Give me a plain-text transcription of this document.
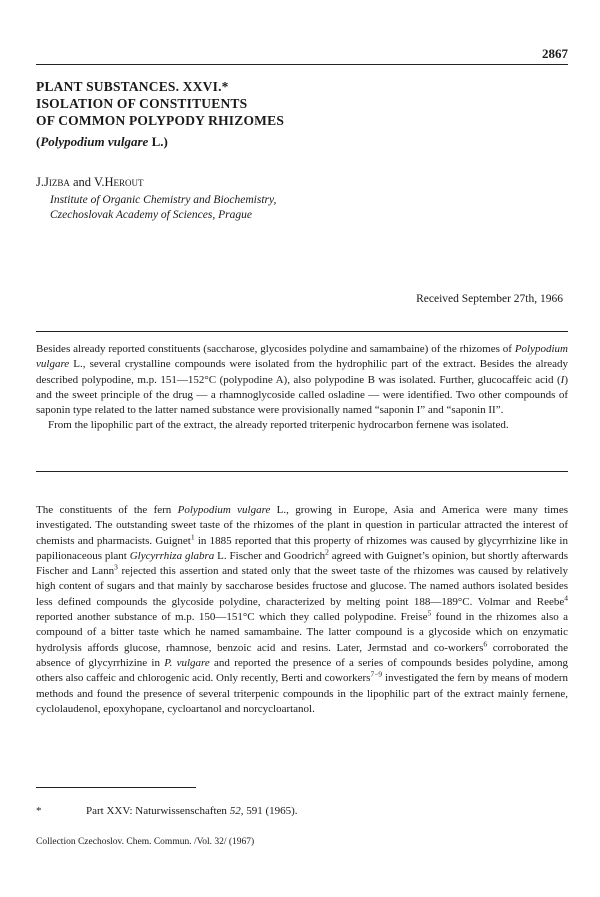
2867
PLANT SUBSTANCES. XXVI.*
ISOLATION OF CONSTITUENTS
OF COMMON POLYPODY RHIZOMES
(Polypodium vulgare L.)
J.Jizba and V.Herout
Institute of Organic Chemistry and Biochemistry,
Czechoslovak Academy of Sciences, Prague
Received September 27th, 1966

Besides already reported constituents (saccharose, glycosides polydine and samambaine) of the rhizomes of Polypodium vulgare L., several crystalline compounds were isolated from the hydrophilic part of the extract. Besides the already described polypodine, m.p. 151—152°C (polypodine A), also polypodine B was isolated. Further, glucocaffeic acid (I) and the sweet principle of the drug — a rhamnoglycoside called osladine — were identified. Two other compounds of saponin type related to the latter named substance were provisionally named “saponin I” and “saponin II”.

From the lipophilic part of the extract, the already reported triterpenic hydrocarbon fernene was isolated.

The constituents of the fern Polypodium vulgare L., growing in Europe, Asia and America were many times investigated. The outstanding sweet taste of the rhizomes of the plant in question in particular attracted the interest of chemists and pharmacists. Guignet$^1$ in 1885 reported that this property of rhizomes was caused by glycyrrhizine like in papilionaceous plant Glycyrrhiza glabra L. Fischer and Goodrich$^2$ agreed with Guignet’s opinion, but shortly afterwards Fischer and Lann$^3$ rejected this assertion and stated only that the sweet taste of the rhizomes was caused by relatively high content of sugars and that mainly by saccharose besides fructose and glucose. The named authors isolated besides less defined compounds the glycoside polydine, characterized by melting point 188—189°C. Volmar and Reebe$^4$ reported another substance of m.p. 150—151°C which they called polypodine. Freise$^5$ found in the rhizomes also a compound of a bitter taste which he named samambaine. The latter compound is a glycoside which on enzymatic hydrolysis affords glucose, rhamnose, benzoic acid and resins. Later, Jermstad and co-workers$^6$ corroborated the absence of glycyrrhizine in P. vulgare and reported the presence of a series of compounds besides polydine, among others also caffeic and chlorogenic acid. Only recently, Berti and coworkers$^{7-9}$ investigated the fern by means of modern methods and found the presence of several triterpenic compounds in the lipophilic part of the extract mainly fernene, cyclolaudenol, epoxyhopane, cycloartanol and norcycloartanol.

*	Part XXV: Naturwissenschaften 52, 591 (1965).
Collection Czechoslov. Chem. Commun. /Vol. 32/ (1967)
